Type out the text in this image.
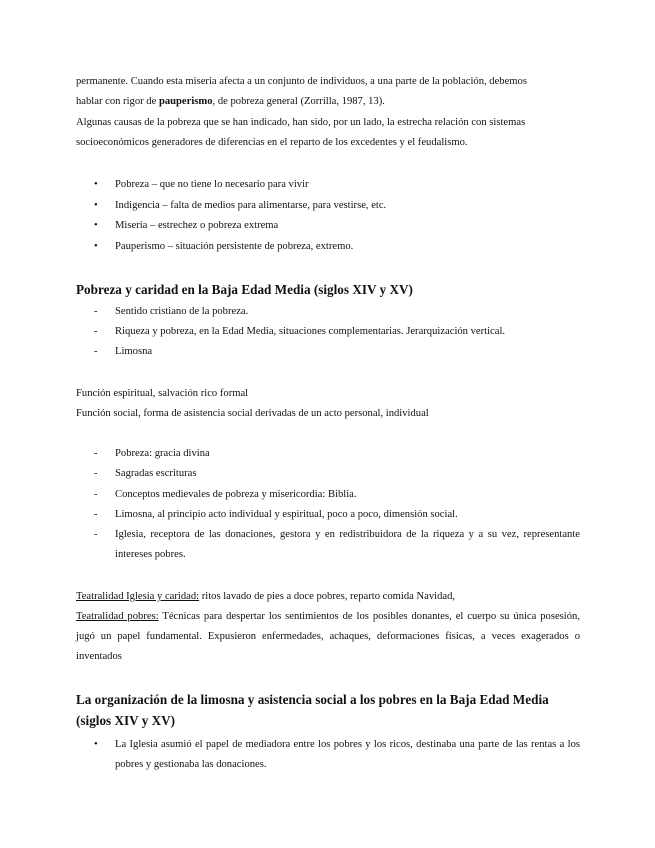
permanente. Cuando esta miseria afecta a un conjunto de individuos, a una parte de la población, debemos

hablar con rigor de pauperismo, de pobreza general (Zorrilla, 1987, 13).

Algunas causas de la pobreza que se han indicado, han sido, por un lado, la estrecha relación con sistemas socioeconómicos generadores de diferencias en el reparto de los excedentes y el feudalismo.

• Pobreza – que no tiene lo necesario para vivir
• Indigencia – falta de medios para alimentarse, para vestirse, etc.
• Miseria – estrechez o pobreza extrema
• Pauperismo – situación persistente de pobreza, extremo.
Pobreza y caridad en la Baja Edad Media (siglos XIV y XV)
- Sentido cristiano de la pobreza.
- Riqueza y pobreza, en la Edad Media, situaciones complementarias. Jerarquización vertical.
- Limosna

Función espiritual, salvación rico formal

Función social, forma de asistencia social derivadas de un acto personal, individual

- Pobreza: gracia divina
- Sagradas escrituras
- Conceptos medievales de pobreza y misericordia: Biblia.
- Limosna, al principio acto individual y espiritual, poco a poco, dimensión social.
- Iglesia, receptora de las donaciones, gestora y en redistribuidora de la riqueza y a su vez, representante intereses pobres.

Teatralidad Iglesia y caridad: ritos lavado de pies a doce pobres, reparto comida Navidad,

Teatralidad pobres: Técnicas para despertar los sentimientos de los posibles donantes, el cuerpo su única posesión, jugó un papel fundamental. Expusieron enfermedades, achaques, deformaciones físicas, a veces exagerados o inventados

La organización de la limosna y asistencia social a los pobres en la Baja Edad Media (siglos XIV y XV)
• La Iglesia asumió el papel de mediadora entre los pobres y los ricos, destinaba una parte de las rentas a los pobres y gestionaba las donaciones.
